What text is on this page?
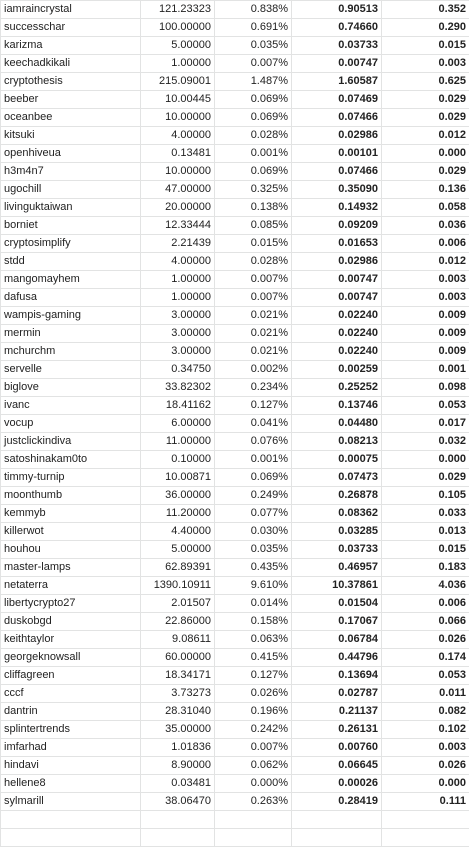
iamraincrystal	121.23323	0.838%	0.90513	0.352
successchar	100.00000	0.691%	0.74660	0.290
karizma	5.00000	0.035%	0.03733	0.015
keechadkikali	1.00000	0.007%	0.00747	0.003
cryptothesis	215.09001	1.487%	1.60587	0.625
beeber	10.00445	0.069%	0.07469	0.029
oceanbee	10.00000	0.069%	0.07466	0.029
kitsuki	4.00000	0.028%	0.02986	0.012
openhiveua	0.13481	0.001%	0.00101	0.000
h3m4n7	10.00000	0.069%	0.07466	0.029
ugochill	47.00000	0.325%	0.35090	0.136
livinguktaiwan	20.00000	0.138%	0.14932	0.058
borniet	12.33444	0.085%	0.09209	0.036
cryptosimplify	2.21439	0.015%	0.01653	0.006
stdd	4.00000	0.028%	0.02986	0.012
mangomayhem	1.00000	0.007%	0.00747	0.003
dafusa	1.00000	0.007%	0.00747	0.003
wampis-gaming	3.00000	0.021%	0.02240	0.009
mermin	3.00000	0.021%	0.02240	0.009
mchurchm	3.00000	0.021%	0.02240	0.009
servelle	0.34750	0.002%	0.00259	0.001
biglove	33.82302	0.234%	0.25252	0.098
ivanc	18.41162	0.127%	0.13746	0.053
vocup	6.00000	0.041%	0.04480	0.017
justclickindiva	11.00000	0.076%	0.08213	0.032
satoshinakam0to	0.10000	0.001%	0.00075	0.000
timmy-turnip	10.00871	0.069%	0.07473	0.029
moonthumb	36.00000	0.249%	0.26878	0.105
kemmyb	11.20000	0.077%	0.08362	0.033
killerwot	4.40000	0.030%	0.03285	0.013
houhou	5.00000	0.035%	0.03733	0.015
master-lamps	62.89391	0.435%	0.46957	0.183
netaterra	1390.10911	9.610%	10.37861	4.036
libertycrypto27	2.01507	0.014%	0.01504	0.006
duskobgd	22.86000	0.158%	0.17067	0.066
keithtaylor	9.08611	0.063%	0.06784	0.026
georgeknowsall	60.00000	0.415%	0.44796	0.174
cliffagreen	18.34171	0.127%	0.13694	0.053
cccf	3.73273	0.026%	0.02787	0.011
dantrin	28.31040	0.196%	0.21137	0.082
splintertrends	35.00000	0.242%	0.26131	0.102
imfarhad	1.01836	0.007%	0.00760	0.003
hindavi	8.90000	0.062%	0.06645	0.026
hellene8	0.03481	0.000%	0.00026	0.000
sylmarill	38.06470	0.263%	0.28419	0.111
